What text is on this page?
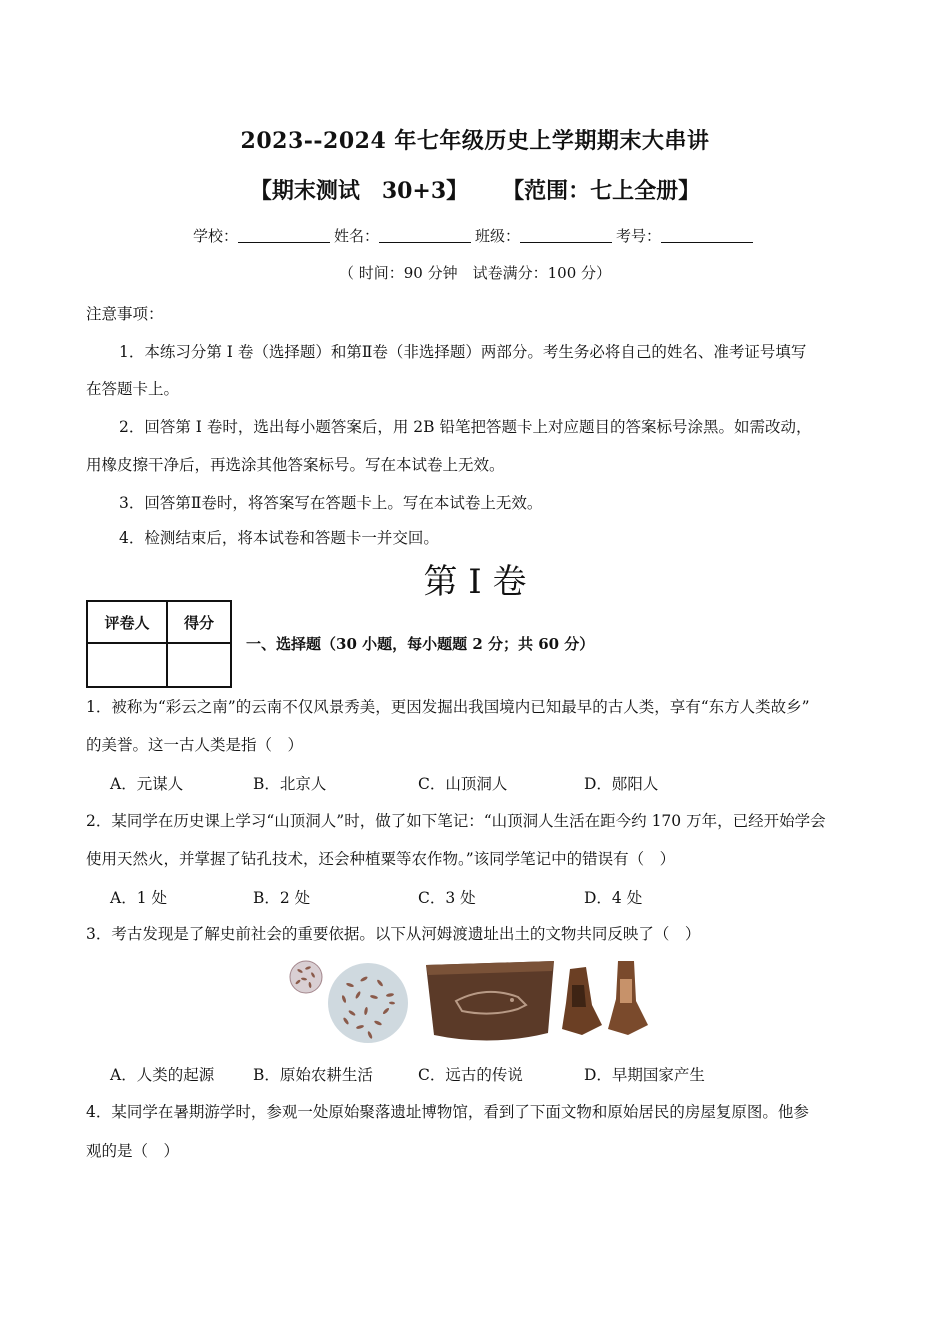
2023--2024 年七年级历史上学期期末大串讲
【期末测试　30+3】 【范围：七上全册】
学校：	姓名：	班级：	考号：
（ 时间：90 分钟　试卷满分：100 分）
注意事项：
1．本练习分第 I 卷（选择题）和第Ⅱ卷（非选择题）两部分。考生务必将自己的姓名、准考证号填写
在答题卡上。
2．回答第 I 卷时，选出每小题答案后，用 2B 铅笔把答题卡上对应题目的答案标号涂黑。如需改动，
用橡皮擦干净后，再选涂其他答案标号。写在本试卷上无效。
3．回答第Ⅱ卷时，将答案写在答题卡上。写在本试卷上无效。
4．检测结束后，将本试卷和答题卡一并交回。
第 I 卷
评卷人	得分

一、选择题（30 小题，每小题题 2 分；共 60 分）
1．被称为“彩云之南”的云南不仅风景秀美，更因发掘出我国境内已知最早的古人类，享有“东方人类故乡”
的美誉。这一古人类是指（　）
A．元谋人	B．北京人	C．山顶洞人	D．郧阳人
2．某同学在历史课上学习“山顶洞人”时，做了如下笔记：“山顶洞人生活在距今约 170 万年，已经开始学会
使用天然火，并掌握了钻孔技术，还会种植粟等农作物。”该同学笔记中的错误有（　）
A．1 处	B．2 处	C．3 处	D．4 处
3．考古发现是了解史前社会的重要依据。以下从河姆渡遗址出土的文物共同反映了（　）
A．人类的起源	B．原始农耕生活	C．远古的传说	D．早期国家产生
4．某同学在暑期游学时，参观一处原始聚落遗址博物馆，看到了下面文物和原始居民的房屋复原图。他参
观的是（　）
